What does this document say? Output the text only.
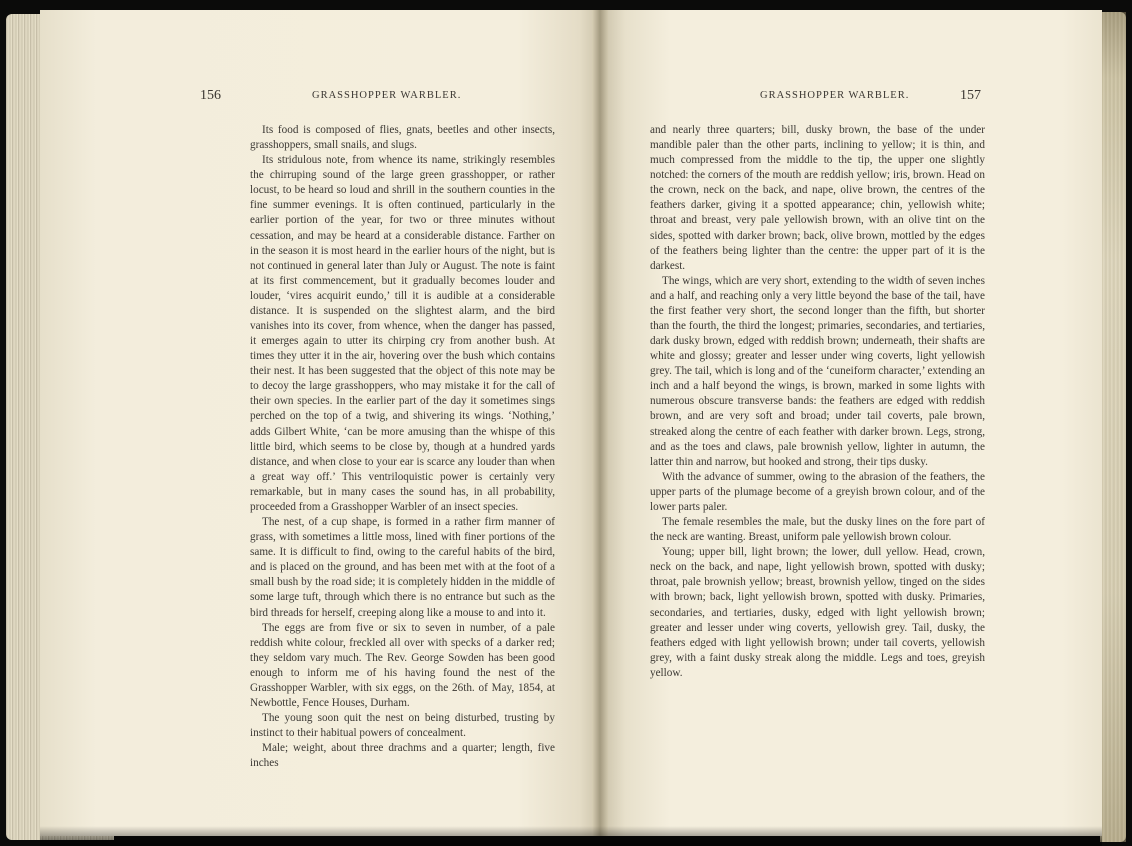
156	GRASSHOPPER WARBLER.	GRASSHOPPER WARBLER.	157

Its food is composed of flies, gnats, beetles and other insects, grasshoppers, small snails, and slugs.

Its stridulous note, from whence its name, strikingly resembles the chirruping sound of the large green grasshopper, or rather locust, to be heard so loud and shrill in the southern counties in the fine summer evenings. It is often continued, particularly in the earlier portion of the year, for two or three minutes without cessation, and may be heard at a considerable distance. Farther on in the season it is most heard in the earlier hours of the night, but is not continued in general later than July or August. The note is faint at its first commencement, but it gradually becomes louder and louder, ‘vires acquirit eundo,’ till it is audible at a considerable distance. It is suspended on the slightest alarm, and the bird vanishes into its cover, from whence, when the danger has passed, it emerges again to utter its chirping cry from another bush. At times they utter it in the air, hovering over the bush which contains their nest. It has been suggested that the object of this note may be to decoy the large grasshoppers, who may mistake it for the call of their own species. In the earlier part of the day it sometimes sings perched on the top of a twig, and shivering its wings. ‘Nothing,’ adds Gilbert White, ‘can be more amusing than the whispe of this little bird, which seems to be close by, though at a hundred yards distance, and when close to your ear is scarce any louder than when a great way off.’ This ventriloquistic power is certainly very remarkable, but in many cases the sound has, in all probability, proceeded from a Grasshopper Warbler of an insect species.

The nest, of a cup shape, is formed in a rather firm manner of grass, with sometimes a little moss, lined with finer portions of the same. It is difficult to find, owing to the careful habits of the bird, and is placed on the ground, and has been met with at the foot of a small bush by the road side; it is completely hidden in the middle of some large tuft, through which there is no entrance but such as the bird threads for herself, creeping along like a mouse to and into it.

The eggs are from five or six to seven in number, of a pale reddish white colour, freckled all over with specks of a darker red; they seldom vary much. The Rev. George Sowden has been good enough to inform me of his having found the nest of the Grasshopper Warbler, with six eggs, on the 26th. of May, 1854, at Newbottle, Fence Houses, Durham.

The young soon quit the nest on being disturbed, trusting by instinct to their habitual powers of concealment.

Male; weight, about three drachms and a quarter; length, five inches

and nearly three quarters; bill, dusky brown, the base of the under mandible paler than the other parts, inclining to yellow; it is thin, and much compressed from the middle to the tip, the upper one slightly notched: the corners of the mouth are reddish yellow; iris, brown. Head on the crown, neck on the back, and nape, olive brown, the centres of the feathers darker, giving it a spotted appearance; chin, yellowish white; throat and breast, very pale yellowish brown, with an olive tint on the sides, spotted with darker brown; back, olive brown, mottled by the edges of the feathers being lighter than the centre: the upper part of it is the darkest.

The wings, which are very short, extending to the width of seven inches and a half, and reaching only a very little beyond the base of the tail, have the first feather very short, the second longer than the fifth, but shorter than the fourth, the third the longest; primaries, secondaries, and tertiaries, dark dusky brown, edged with reddish brown; underneath, their shafts are white and glossy; greater and lesser under wing coverts, light yellowish grey. The tail, which is long and of the ‘cuneiform character,’ extending an inch and a half beyond the wings, is brown, marked in some lights with numerous obscure transverse bands: the feathers are edged with reddish brown, and are very soft and broad; under tail coverts, pale brown, streaked along the centre of each feather with darker brown. Legs, strong, and as the toes and claws, pale brownish yellow, lighter in autumn, the latter thin and narrow, but hooked and strong, their tips dusky.

With the advance of summer, owing to the abrasion of the feathers, the upper parts of the plumage become of a greyish brown colour, and of the lower parts paler.

The female resembles the male, but the dusky lines on the fore part of the neck are wanting. Breast, uniform pale yellowish brown colour.

Young; upper bill, light brown; the lower, dull yellow. Head, crown, neck on the back, and nape, light yellowish brown, spotted with dusky; throat, pale brownish yellow; breast, brownish yellow, tinged on the sides with brown; back, light yellowish brown, spotted with dusky. Primaries, secondaries, and tertiaries, dusky, edged with light yellowish brown; greater and lesser under wing coverts, yellowish grey. Tail, dusky, the feathers edged with light yellowish brown; under tail coverts, yellowish grey, with a faint dusky streak along the middle. Legs and toes, greyish yellow.
